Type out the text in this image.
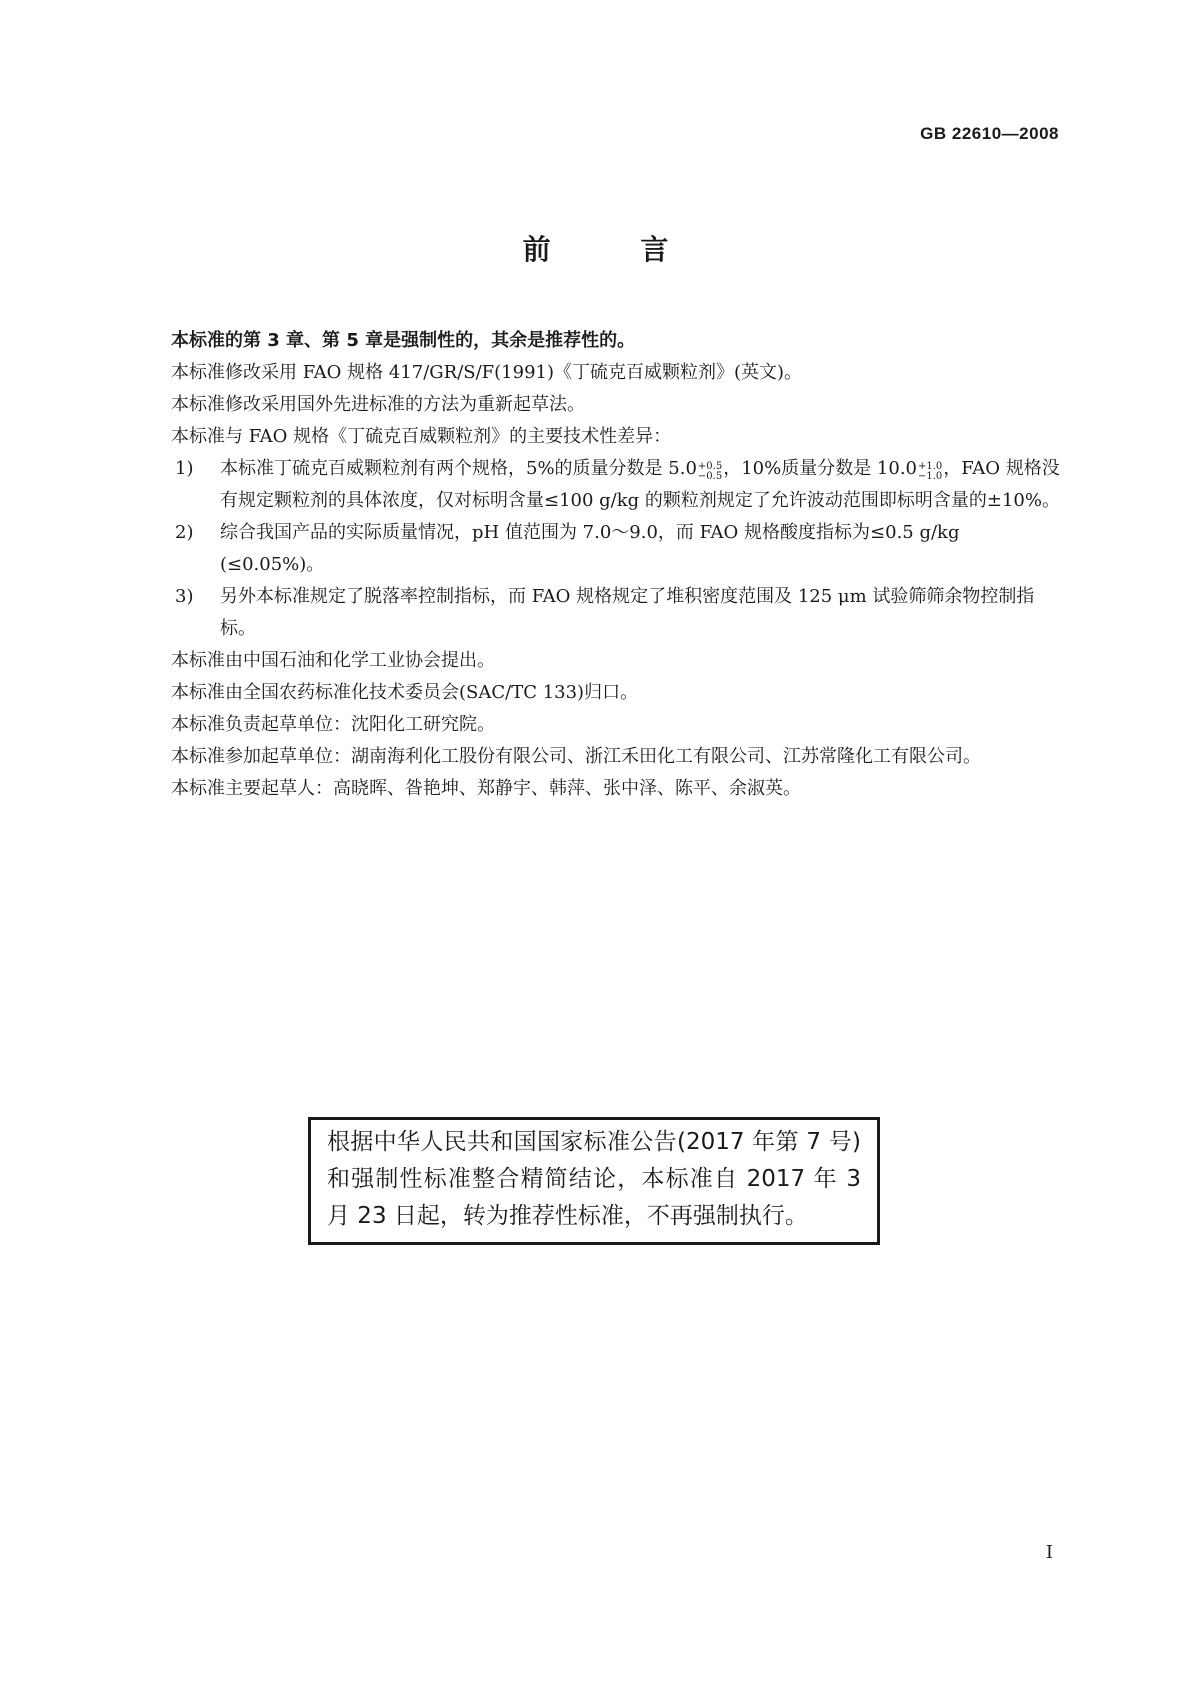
GB 22610—2008
前 言

本标准的第 3 章、第 5 章是强制性的，其余是推荐性的。

本标准修改采用 FAO 规格 417/GR/S/F(1991)《丁硫克百威颗粒剂》(英文)。

本标准修改采用国外先进标准的方法为重新起草法。

本标准与 FAO 规格《丁硫克百威颗粒剂》的主要技术性差异：

1) 本标准丁硫克百威颗粒剂有两个规格，5%的质量分数是 5.0 +0.5
−0.5 ，10%质量分数是 10.0 +1.0
−1.0 ，FAO 规格没有规定颗粒剂的具体浓度，仅对标明含量≤100 g/kg 的颗粒剂规定了允许波动范围即标明含量的±10%。

2) 综合我国产品的实际质量情况，pH 值范围为 7.0～9.0，而 FAO 规格酸度指标为≤0.5 g/kg (≤0.05%)。

3) 另外本标准规定了脱落率控制指标，而 FAO 规格规定了堆积密度范围及 125 μm 试验筛筛余物控制指标。

本标准由中国石油和化学工业协会提出。

本标准由全国农药标准化技术委员会(SAC/TC 133)归口。

本标准负责起草单位：沈阳化工研究院。

本标准参加起草单位：湖南海利化工股份有限公司、浙江禾田化工有限公司、江苏常隆化工有限公司。

本标准主要起草人：高晓晖、昝艳坤、郑静宇、韩萍、张中泽、陈平、余淑英。

根据中华人民共和国国家标准公告(2017 年第 7 号)和强制性标准整合精简结论，本标准自 2017 年 3 月 23 日起，转为推荐性标准，不再强制执行。
I
